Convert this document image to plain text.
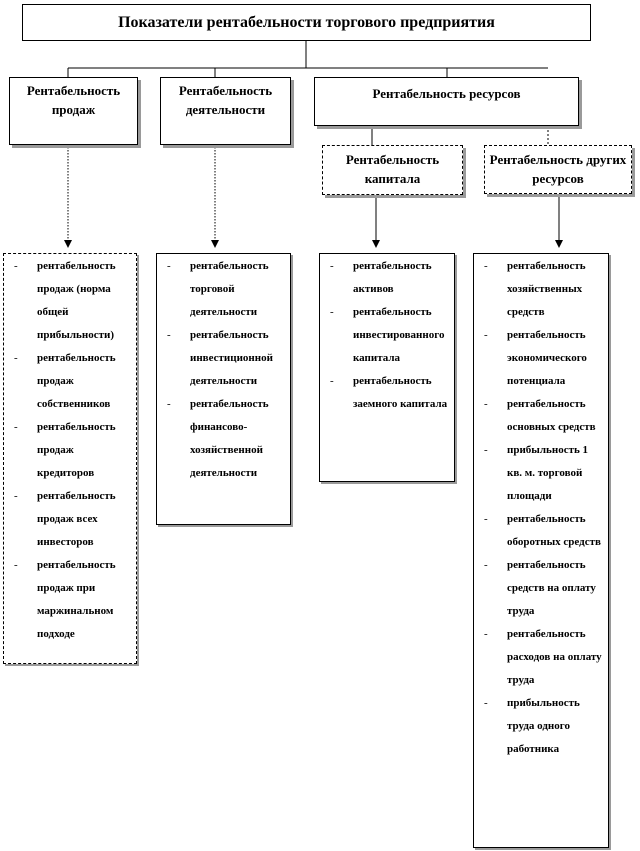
Показатели рентабельности торгового предприятия
Рентабельность продаж
Рентабельность деятельности
Рентабельность ресурсов
Рентабельность капитала
Рентабельность других ресурсов
- рентабельность продаж (норма общей прибыльности)
- рентабельность продаж собственников
- рентабельность продаж кредиторов
- рентабельность продаж всех инвесторов
- рентабельность продаж при маржинальном подходе
- рентабельность торговой деятельности
- рентабельность инвестиционной деятельности
- рентабельность финансово-хозяйственной деятельности
- рентабельность активов
- рентабельность инвестированного капитала
- рентабельность заемного капитала
- рентабельность хозяйственных средств
- рентабельность экономического потенциала
- рентабельность основных средств
- прибыльность 1 кв. м. торговой площади
- рентабельность оборотных средств
- рентабельность средств на оплату труда
- рентабельность расходов на оплату труда
- прибыльность труда одного работника
